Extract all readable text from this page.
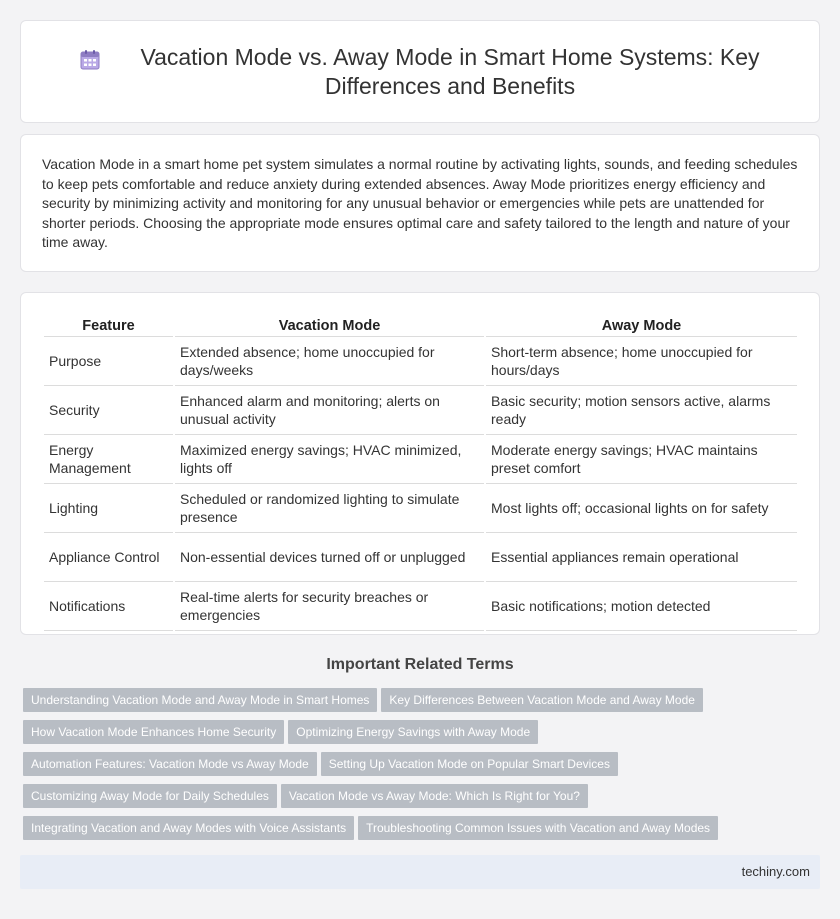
Vacation Mode vs. Away Mode in Smart Home Systems: Key Differences and Benefits

Vacation Mode in a smart home pet system simulates a normal routine by activating lights, sounds, and feeding schedules to keep pets comfortable and reduce anxiety during extended absences. Away Mode prioritizes energy efficiency and security by minimizing activity and monitoring for any unusual behavior or emergencies while pets are unattended for shorter periods. Choosing the appropriate mode ensures optimal care and safety tailored to the length and nature of your time away.

Feature	Vacation Mode	Away Mode
Purpose	Extended absence; home unoccupied for days/weeks	Short-term absence; home unoccupied for hours/days
Security	Enhanced alarm and monitoring; alerts on unusual activity	Basic security; motion sensors active, alarms ready
Energy Management	Maximized energy savings; HVAC minimized, lights off	Moderate energy savings; HVAC maintains preset comfort
Lighting	Scheduled or randomized lighting to simulate presence	Most lights off; occasional lights on for safety
Appliance Control	Non-essential devices turned off or unplugged	Essential appliances remain operational
Notifications	Real-time alerts for security breaches or emergencies	Basic notifications; motion detected
Important Related Terms
Understanding Vacation Mode and Away Mode in Smart Homes Key Differences Between Vacation Mode and Away Mode
How Vacation Mode Enhances Home Security Optimizing Energy Savings with Away Mode
Automation Features: Vacation Mode vs Away Mode Setting Up Vacation Mode on Popular Smart Devices
Customizing Away Mode for Daily Schedules Vacation Mode vs Away Mode: Which Is Right for You?
Integrating Vacation and Away Modes with Voice Assistants Troubleshooting Common Issues with Vacation and Away Modes
techiny.com
